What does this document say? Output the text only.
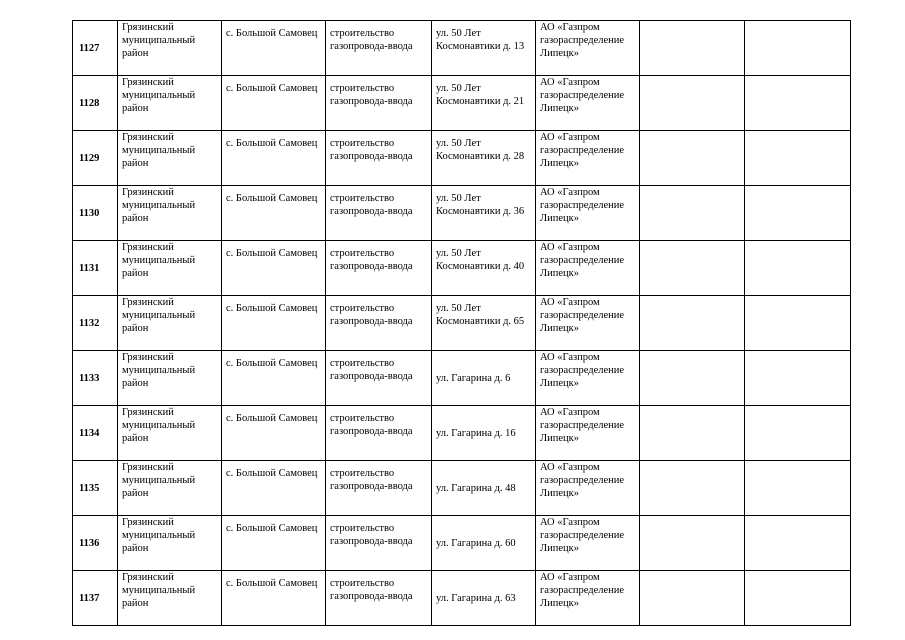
1127	Грязинский муниципальный район	с. Большой Самовец	строительство газопровода-ввода	ул. 50 Лет Космонавтики д. 13	АО «Газпром газораспределение Липецк»		
1128	Грязинский муниципальный район	с. Большой Самовец	строительство газопровода-ввода	ул. 50 Лет Космонавтики д. 21	АО «Газпром газораспределение Липецк»		
1129	Грязинский муниципальный район	с. Большой Самовец	строительство газопровода-ввода	ул. 50 Лет Космонавтики д. 28	АО «Газпром газораспределение Липецк»		
1130	Грязинский муниципальный район	с. Большой Самовец	строительство газопровода-ввода	ул. 50 Лет Космонавтики д. 36	АО «Газпром газораспределение Липецк»		
1131	Грязинский муниципальный район	с. Большой Самовец	строительство газопровода-ввода	ул. 50 Лет Космонавтики д. 40	АО «Газпром газораспределение Липецк»		
1132	Грязинский муниципальный район	с. Большой Самовец	строительство газопровода-ввода	ул. 50 Лет Космонавтики д. 65	АО «Газпром газораспределение Липецк»		
1133	Грязинский муниципальный район	с. Большой Самовец	строительство газопровода-ввода	ул. Гагарина д. 6	АО «Газпром газораспределение Липецк»		
1134	Грязинский муниципальный район	с. Большой Самовец	строительство газопровода-ввода	ул. Гагарина д. 16	АО «Газпром газораспределение Липецк»		
1135	Грязинский муниципальный район	с. Большой Самовец	строительство газопровода-ввода	ул. Гагарина д. 48	АО «Газпром газораспределение Липецк»		
1136	Грязинский муниципальный район	с. Большой Самовец	строительство газопровода-ввода	ул. Гагарина д. 60	АО «Газпром газораспределение Липецк»		
1137	Грязинский муниципальный район	с. Большой Самовец	строительство газопровода-ввода	ул. Гагарина д. 63	АО «Газпром газораспределение Липецк»		
